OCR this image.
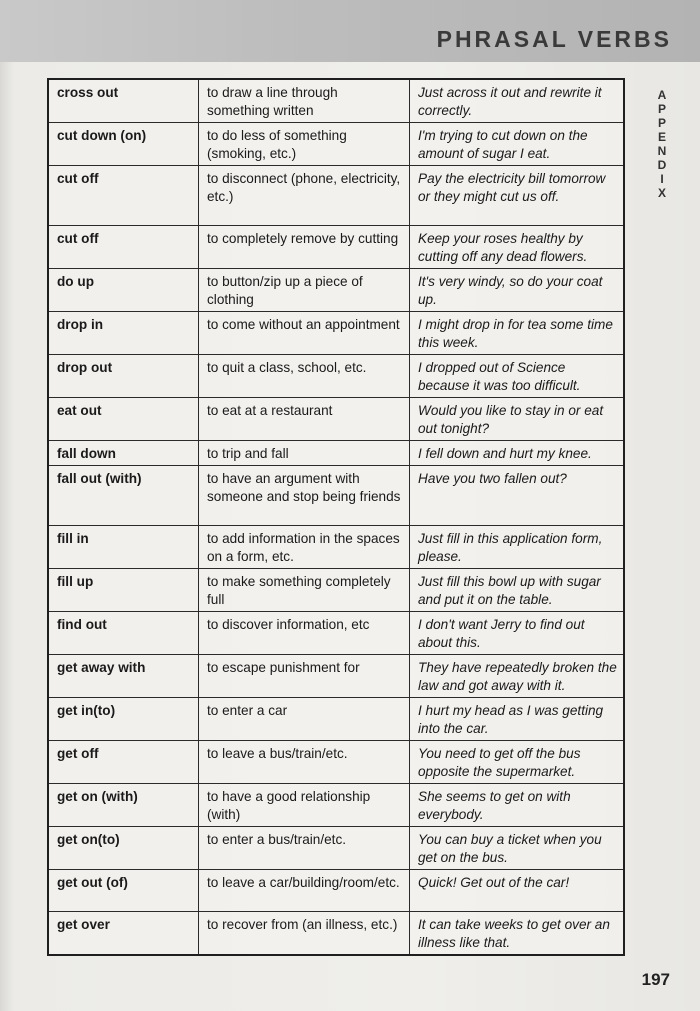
PHRASAL VERBS
A
P
P
E
N
D
I
X
cross out	to draw a line through something written	Just across it out and rewrite it correctly.
cut down (on)	to do less of something (smoking, etc.)	I'm trying to cut down on the amount of sugar I eat.
cut off	to disconnect (phone, electricity, etc.)	Pay the electricity bill tomorrow or they might cut us off.
cut off	to completely remove by cutting	Keep your roses healthy by cutting off any dead flowers.
do up	to button/zip up a piece of clothing	It's very windy, so do your coat up.
drop in	to come without an appointment	I might drop in for tea some time this week.
drop out	to quit a class, school, etc.	I dropped out of Science because it was too difficult.
eat out	to eat at a restaurant	Would you like to stay in or eat out tonight?
fall down	to trip and fall	I fell down and hurt my knee.
fall out (with)	to have an argument with someone and stop being friends	Have you two fallen out?
fill in	to add information in the spaces on a form, etc.	Just fill in this application form, please.
fill up	to make something completely full	Just fill this bowl up with sugar and put it on the table.
find out	to discover information, etc	I don't want Jerry to find out about this.
get away with	to escape punishment for	They have repeatedly broken the law and got away with it.
get in(to)	to enter a car	I hurt my head as I was getting into the car.
get off	to leave a bus/train/etc.	You need to get off the bus opposite the supermarket.
get on (with)	to have a good relationship (with)	She seems to get on with everybody.
get on(to)	to enter a bus/train/etc.	You can buy a ticket when you get on the bus.
get out (of)	to leave a car/building/room/etc.	Quick! Get out of the car!
get over	to recover from (an illness, etc.)	It can take weeks to get over an illness like that.
197
